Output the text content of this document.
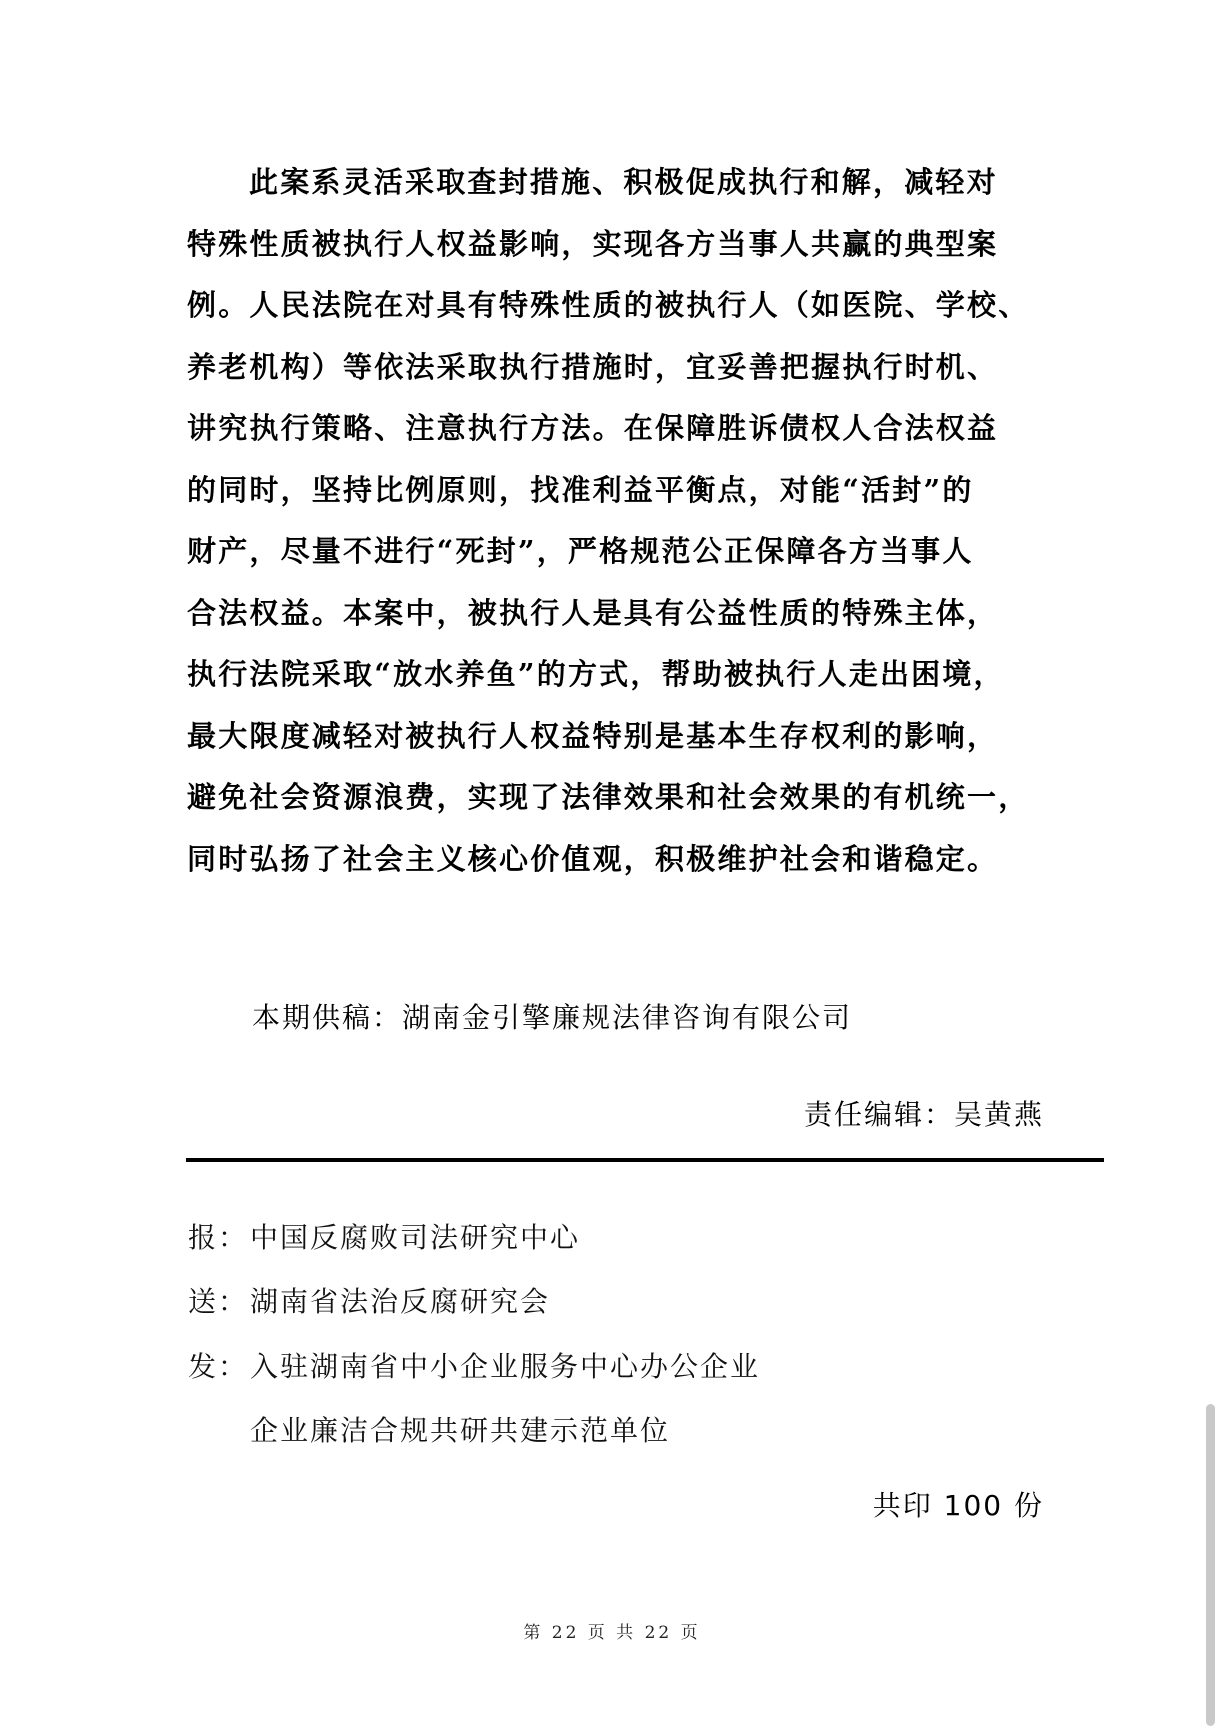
此案系灵活采取查封措施、积极促成执行和解，减轻对
特殊性质被执行人权益影响，实现各方当事人共赢的典型案
例。人民法院在对具有特殊性质的被执行人（如医院、学校、
养老机构）等依法采取执行措施时，宜妥善把握执行时机、
讲究执行策略、注意执行方法。在保障胜诉债权人合法权益
的同时，坚持比例原则，找准利益平衡点，对能“活封”的
财产，尽量不进行“死封”，严格规范公正保障各方当事人
合法权益。本案中，被执行人是具有公益性质的特殊主体，
执行法院采取“放水养鱼”的方式，帮助被执行人走出困境，
最大限度减轻对被执行人权益特别是基本生存权利的影响，
避免社会资源浪费，实现了法律效果和社会效果的有机统一，
同时弘扬了社会主义核心价值观，积极维护社会和谐稳定。
本期供稿：湖南金引擎廉规法律咨询有限公司
责任编辑：吴黄燕
报：中国反腐败司法研究中心
送：湖南省法治反腐研究会
发：入驻湖南省中小企业服务中心办公企业
企业廉洁合规共研共建示范单位
共印 100 份
第 22 页 共 22 页
